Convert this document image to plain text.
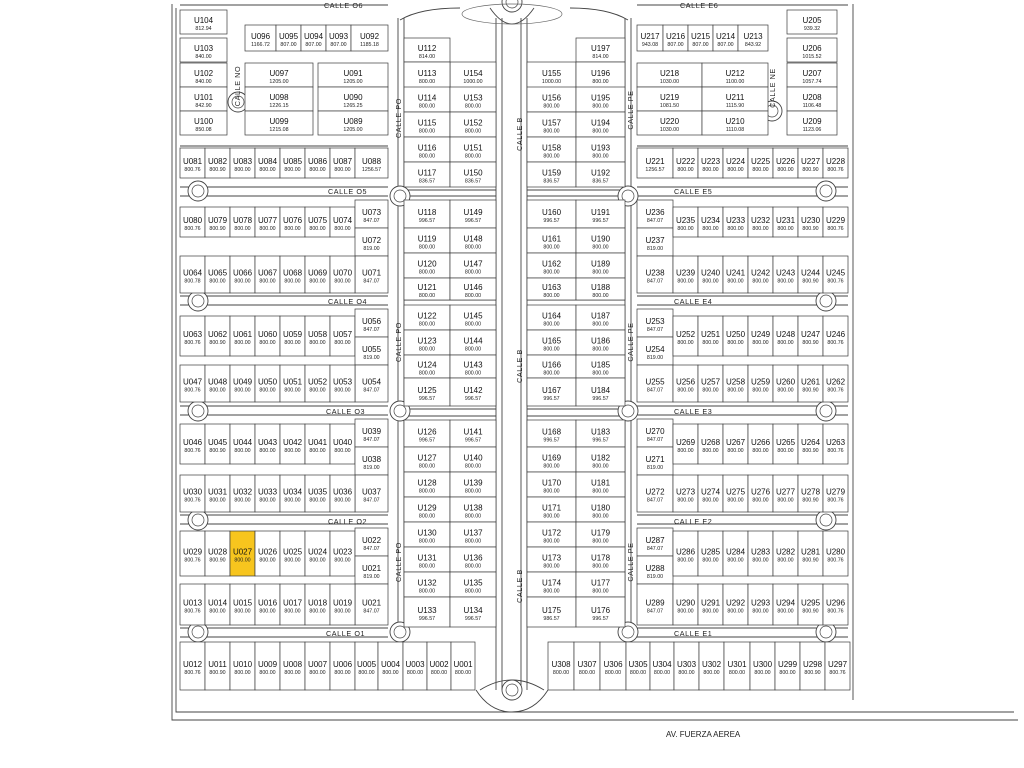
U104
812.94
U103
840.00
U102
840.00
U101
842.90
U100
850.08
U096
1166.72
U095
807.00
U094
807.00
U093
807.00
U092
1185.18
U097
1205.00
U091
1205.00
U098
1226.15
U090
1265.25
U099
1215.08
U089
1205.00
U081
800.76
U082
800.90
U083
800.00
U084
800.00
U085
800.00
U086
800.00
U087
800.00
U088
1256.57
U080
800.76
U079
800.90
U078
800.00
U077
800.00
U076
800.00
U075
800.00
U074
800.00
U073
847.07
U072
819.00
U071
847.07
U064
800.78
U065
800.00
U066
800.00
U067
800.00
U068
800.00
U069
800.00
U070
800.00
U063
800.76
U062
800.90
U061
800.00
U060
800.00
U059
800.00
U058
800.00
U057
800.00
U056
847.07
U055
819.00
U054
847.07
U047
800.76
U048
800.00
U049
800.00
U050
800.00
U051
800.00
U052
800.00
U053
800.00
U046
800.76
U045
800.90
U044
800.00
U043
800.00
U042
800.00
U041
800.00
U040
800.00
U039
847.07
U038
819.00
U037
847.07
U030
800.76
U031
800.00
U032
800.00
U033
800.00
U034
800.00
U035
800.00
U036
800.00
U029
800.76
U028
800.90
U027
800.00
U026
800.00
U025
800.00
U024
800.00
U023
800.00
U022
847.07
U021
819.00
U021
847.07
U013
800.76
U014
800.00
U015
800.00
U016
800.00
U017
800.00
U018
800.00
U019
800.00
U012
800.76
U011
800.90
U010
800.00
U009
800.00
U008
800.00
U007
800.00
U006
800.00
U005
800.00
U004
800.00
U003
800.00
U002
800.00
U001
800.00
U112
814.00
U154
1000.00
U113
800.00
U114
800.00
U153
800.00
U115
800.00
U152
800.00
U116
800.00
U151
800.00
U117
836.57
U150
836.57
U118
996.57
U149
996.57
U119
800.00
U148
800.00
U120
800.00
U147
800.00
U121
800.00
U146
800.00
U122
800.00
U145
800.00
U123
800.00
U144
800.00
U124
800.00
U143
800.00
U125
996.57
U142
996.57
U126
996.57
U141
996.57
U127
800.00
U140
800.00
U128
800.00
U139
800.00
U129
800.00
U138
800.00
U130
800.00
U137
800.00
U131
800.00
U136
800.00
U132
800.00
U135
800.00
U133
996.57
U134
996.57
U197
814.00
U155
1000.00
U196
800.00
U156
800.00
U195
800.00
U157
800.00
U194
800.00
U158
800.00
U193
800.00
U159
836.57
U192
836.57
U160
996.57
U191
996.57
U161
800.00
U190
800.00
U162
800.00
U189
800.00
U163
800.00
U188
800.00
U164
800.00
U187
800.00
U165
800.00
U186
800.00
U166
800.00
U185
800.00
U167
996.57
U184
996.57
U168
996.57
U183
996.57
U169
800.00
U182
800.00
U170
800.00
U181
800.00
U171
800.00
U180
800.00
U172
800.00
U179
800.00
U173
800.00
U178
800.00
U174
800.00
U177
800.00
U175
986.57
U176
996.57
U217
943.08
U216
807.00
U215
807.00
U214
807.00
U213
843.92
U205
939.32
U206
1015.52
U207
1057.74
U208
1106.48
U209
1123.06
U218
1030.00
U212
1100.00
U219
1081.50
U211
1115.90
U220
1030.00
U210
1110.08
U221
1256.57
U222
800.00
U223
800.00
U224
800.00
U225
800.00
U226
800.00
U227
800.90
U228
800.76
U236
847.07
U237
819.00
U238
847.07
U235
800.00
U234
800.00
U233
800.00
U232
800.00
U231
800.00
U230
800.90
U229
800.76
U239
800.00
U240
800.00
U241
800.00
U242
800.00
U243
800.00
U244
800.90
U245
800.76
U253
847.07
U254
819.00
U255
847.07
U252
800.00
U251
800.00
U250
800.00
U249
800.00
U248
800.00
U247
800.90
U246
800.76
U256
800.00
U257
800.00
U258
800.00
U259
800.00
U260
800.00
U261
800.90
U262
800.76
U270
847.07
U271
819.00
U272
847.07
U269
800.00
U268
800.00
U267
800.00
U266
800.00
U265
800.00
U264
800.90
U263
800.76
U273
800.00
U274
800.00
U275
800.00
U276
800.00
U277
800.00
U278
800.90
U279
800.76
U287
847.07
U288
819.00
U289
847.07
U286
800.00
U285
800.00
U284
800.00
U283
800.00
U282
800.00
U281
800.90
U280
800.76
U290
800.00
U291
800.00
U292
800.00
U293
800.00
U294
800.00
U295
800.90
U296
800.76
U308
800.00
U307
800.00
U306
800.00
U305
800.00
U304
800.00
U303
800.00
U302
800.00
U301
800.00
U300
800.00
U299
800.00
U298
800.90
U297
800.76
CALLE O6	CALLE E6
CALLE O5	CALLE E5
CALLE O4	CALLE E4
CALLE O3	CALLE E3
CALLE O2	CALLE E2
CALLE O1	CALLE E1
CALLE NO	CALLE NE
CALLE PO
CALLE PO
CALLE PO
CALLE B
CALLE B
CALLE B
CALLE PE
CALLE PE
CALLE PE
AV. FUERZA AEREA
